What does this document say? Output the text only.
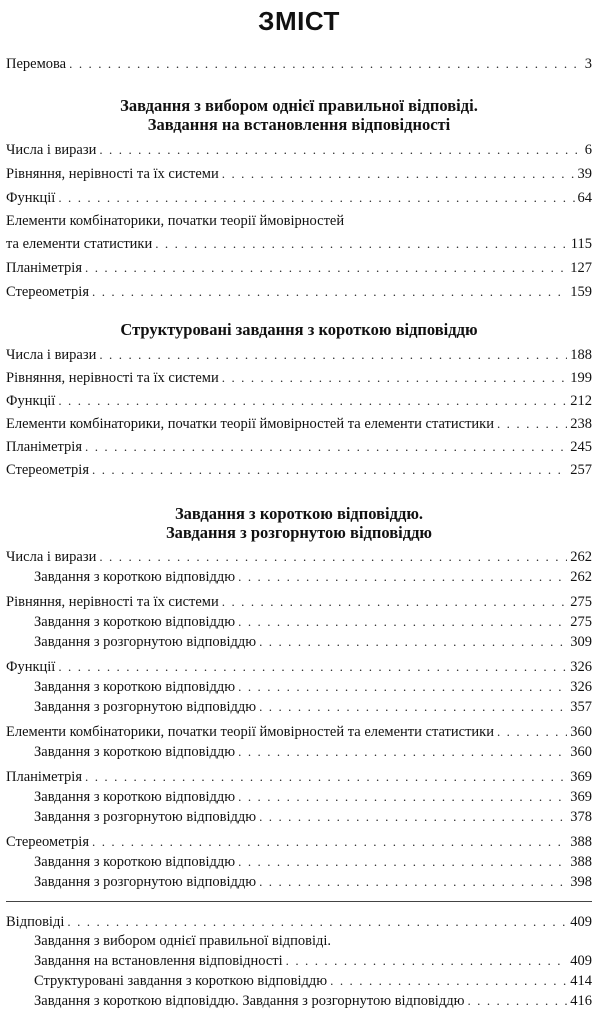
ЗМІСТ
Перемова . . .	3
Завдання з вибором однієї правильної відповіді.
Завдання на встановлення відповідності
Числа і вирази . . .	6
Рівняння, нерівності та їх системи . . .	39
Функції . . .	64
Елементи комбінаторики, початки теорії ймовірностей
та елементи статистики . . .	115
Планіметрія . . .	127
Стереометрія . . .	159
Структуровані завдання з короткою відповіддю
Числа і вирази . . .	188
Рівняння, нерівності та їх системи . . .	199
Функції . . .	212
Елементи комбінаторики, початки теорії ймовірностей та елементи статистики . . .	238
Планіметрія . . .	245
Стереометрія . . .	257
Завдання з короткою відповіддю.
Завдання з розгорнутою відповіддю
Числа і вирази . . .	262
Завдання з короткою відповіддю . . .	262
Рівняння, нерівності та їх системи . . .	275
Завдання з короткою відповіддю . . .	275
Завдання з розгорнутою відповіддю . . .	309
Функції . . .	326
Завдання з короткою відповіддю . . .	326
Завдання з розгорнутою відповіддю . . .	357
Елементи комбінаторики, початки теорії ймовірностей та елементи статистики . . .	360
Завдання з короткою відповіддю . . .	360
Планіметрія . . .	369
Завдання з короткою відповіддю . . .	369
Завдання з розгорнутою відповіддю . . .	378
Стереометрія . . .	388
Завдання з короткою відповіддю . . .	388
Завдання з розгорнутою відповіддю . . .	398
Відповіді . . .	409
Завдання з вибором однієї правильної відповіді.
Завдання на встановлення відповідності . . .	409
Структуровані завдання з короткою відповіддю . . .	414
Завдання з короткою відповіддю. Завдання з розгорнутою відповіддю . . .	416
